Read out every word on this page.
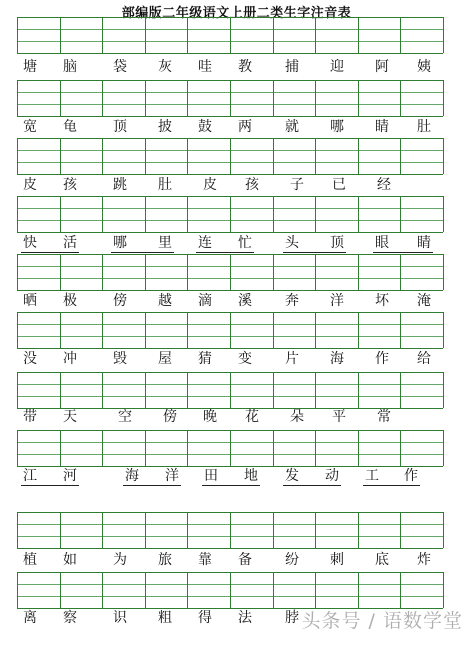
部编版二年级语文上册二类生字注音表
塘 脑	袋 灰 哇 教 捕 迎 阿 姨
宽 龟	顶 披 鼓 两 就 哪 睛 肚
皮 孩	跳 肚 皮 孩 子 已 经
快 活	哪 里 连 忙 头 顶 眼 睛
晒 极	傍 越 滴 溪 奔 洋 坏 淹
没 冲	毁 屋 猜 变 片 海 作 给
带 天	空 傍 晚 花 朵 平 常
江 河	海 洋 田 地 发 动 工 作
植 如	为 旅 靠 备 纷 刺 底 炸
离 察	识 粗 得 法 脖 头条号 / 语数学堂
